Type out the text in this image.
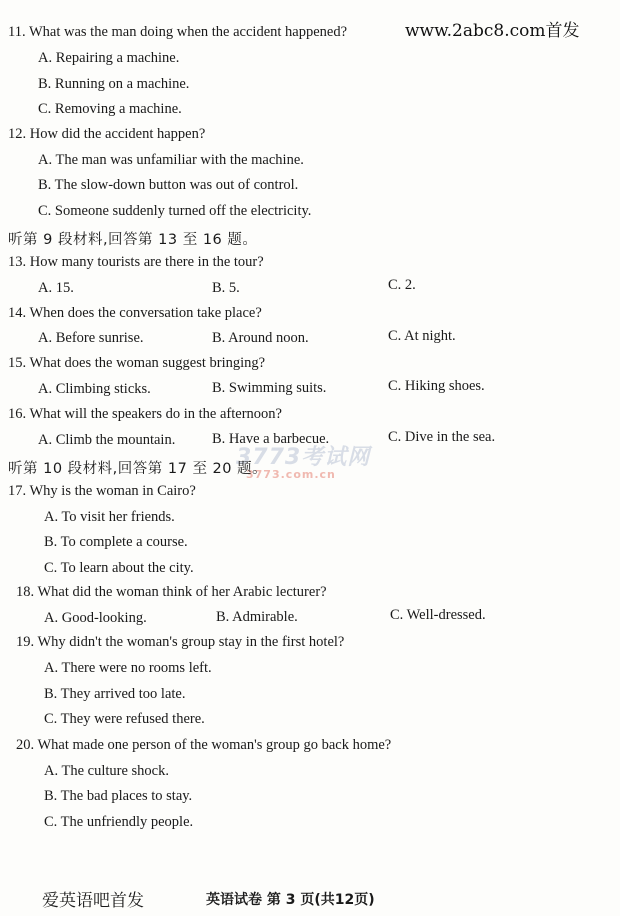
www.2abc8.com首发
11. What was the man doing when the accident happened?
A. Repairing a machine.
B. Running on a machine.
C. Removing a machine.
12. How did the accident happen?
A. The man was unfamiliar with the machine.
B. The slow-down button was out of control.
C. Someone suddenly turned off the electricity.
听第 9 段材料,回答第 13 至 16 题。
13. How many tourists are there in the tour?
A. 15.	B. 5.	C. 2.
14. When does the conversation take place?
A. Before sunrise.	B. Around noon.	C. At night.
15. What does the woman suggest bringing?
A. Climbing sticks.	B. Swimming suits.	C. Hiking shoes.
16. What will the speakers do in the afternoon?
A. Climb the mountain.	B. Have a barbecue.	C. Dive in the sea.
3773考试网
3773.com.cn
听第 10 段材料,回答第 17 至 20 题。
17. Why is the woman in Cairo?
A. To visit her friends.
B. To complete a course.
C. To learn about the city.
18. What did the woman think of her Arabic lecturer?
A. Good-looking.	B. Admirable.	C. Well-dressed.
19. Why didn't the woman's group stay in the first hotel?
A. There were no rooms left.
B. They arrived too late.
C. They were refused there.
20. What made one person of the woman's group go back home?
A. The culture shock.
B. The bad places to stay.
C. The unfriendly people.
爱英语吧首发	英语试卷 第 3 页(共12页)
